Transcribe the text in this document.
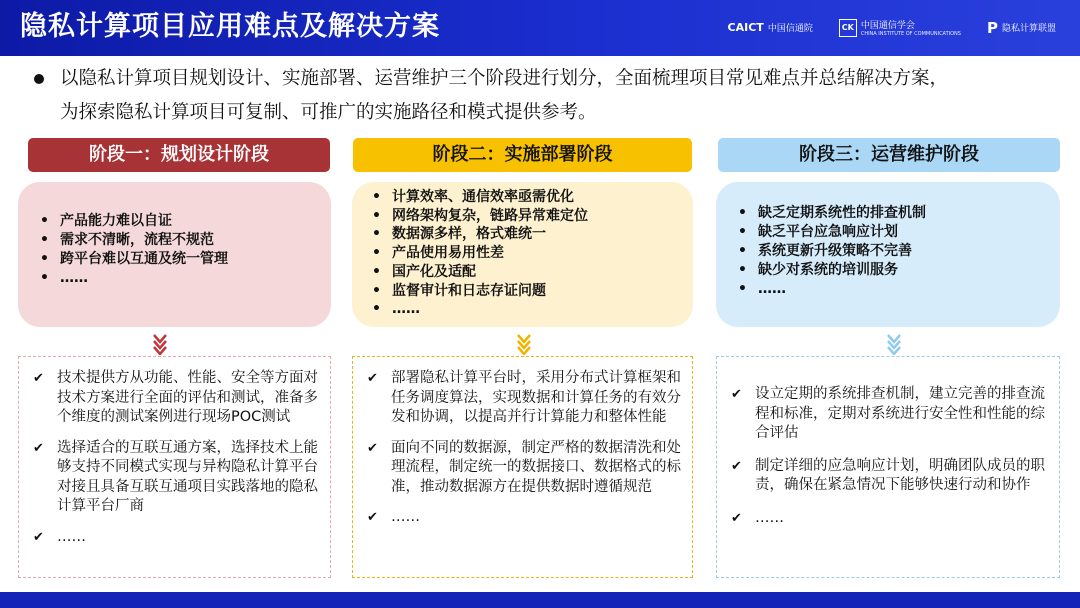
隐私计算项目应用难点及解决方案	CAICT 中国信通院	CK 中国通信学会
CHINA INSTITUTE OF COMMUNICATIONS P 隐私计算联盟
以隐私计算项目规划设计、实施部署、运营维护三个阶段进行划分，全面梳理项目常见难点并总结解决方案，
为探索隐私计算项目可复制、可推广的实施路径和模式提供参考。
阶段一：规划设计阶段	阶段二：实施部署阶段	阶段三：运营维护阶段
• 产品能力难以自证
• 需求不清晰，流程不规范
• 跨平台难以互通及统一管理
• ……
• 计算效率、通信效率亟需优化
• 网络架构复杂，链路异常难定位
• 数据源多样，格式难统一
• 产品使用易用性差
• 国产化及适配
• 监督审计和日志存证问题
• ……
• 缺乏定期系统性的排查机制
• 缺乏平台应急响应计划
• 系统更新升级策略不完善
• 缺少对系统的培训服务
• ……
✔ 技术提供方从功能、性能、安全等方面对技术方案进行全面的评估和测试，准备多个维度的测试案例进行现场POC测试
✔ 选择适合的互联互通方案，选择技术上能够支持不同模式实现与异构隐私计算平台对接且具备互联互通项目实践落地的隐私计算平台厂商
✔ ……
✔ 部署隐私计算平台时，采用分布式计算框架和任务调度算法，实现数据和计算任务的有效分发和协调，以提高并行计算能力和整体性能
✔ 面向不同的数据源，制定严格的数据清洗和处理流程，制定统一的数据接口、数据格式的标准，推动数据源方在提供数据时遵循规范
✔ ……
✔ 设立定期的系统排查机制，建立完善的排查流程和标准，定期对系统进行安全性和性能的综合评估
✔ 制定详细的应急响应计划，明确团队成员的职责，确保在紧急情况下能够快速行动和协作
✔ ……
